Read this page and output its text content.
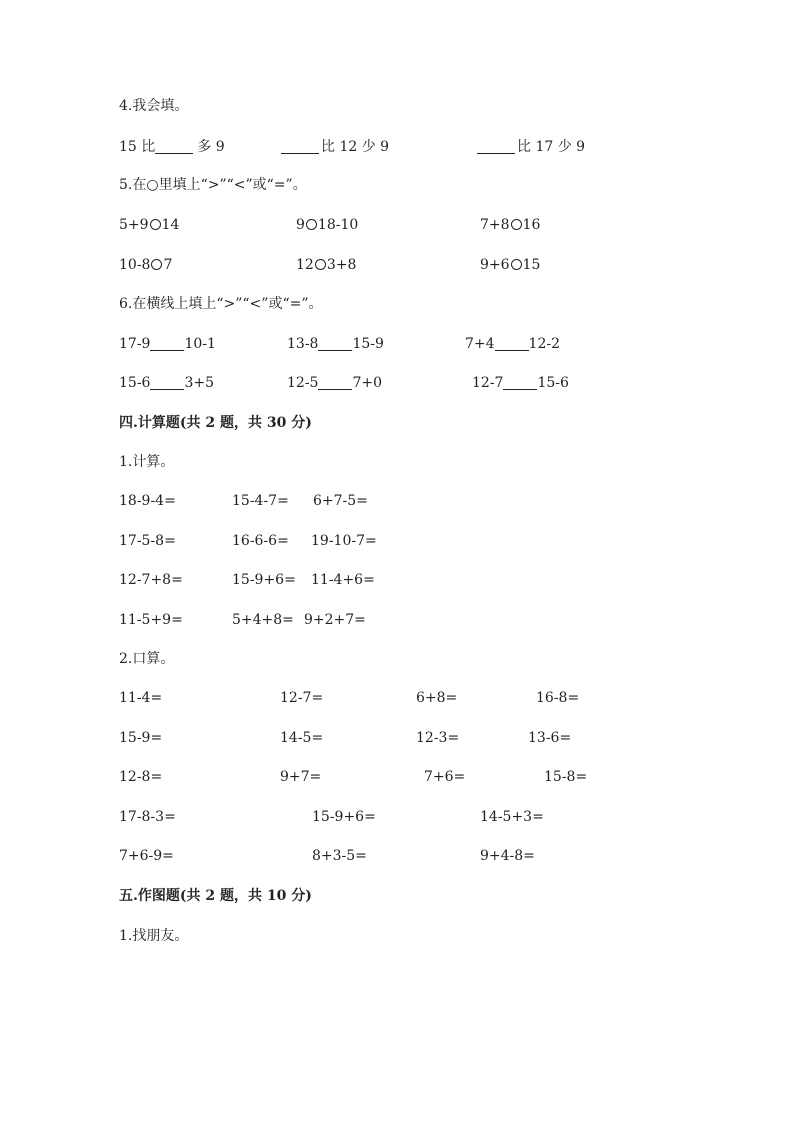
4.我会填。
15 比	多 9	比 12 少 9	比 17 少 9
5.在○里填上“>”“<”或“=”。
5+9 14	9 18-10	7+8 16
10-8 7	12 3+8	9+6 15
6.在横线上填上“>”“<”或“=”。
17-9 10-1	13-8 15-9	7+4 12-2
15-6 3+5	12-5 7+0	12-7 15-6
四.计算题(共 2 题，共 30 分)
1.计算。
18-9-4=	15-4-7= 6+7-5=
17-5-8=	16-6-6= 19-10-7=
12-7+8=	15-9+6= 11-4+6=
11-5+9=	5+4+8= 9+2+7=
2.口算。
11-4=	12-7=	6+8=	16-8=
15-9=	14-5=	12-3=	13-6=
12-8=	9+7=	7+6=	15-8=
17-8-3=	15-9+6=	14-5+3=
7+6-9=	8+3-5=	9+4-8=
五.作图题(共 2 题，共 10 分)
1.找朋友。
